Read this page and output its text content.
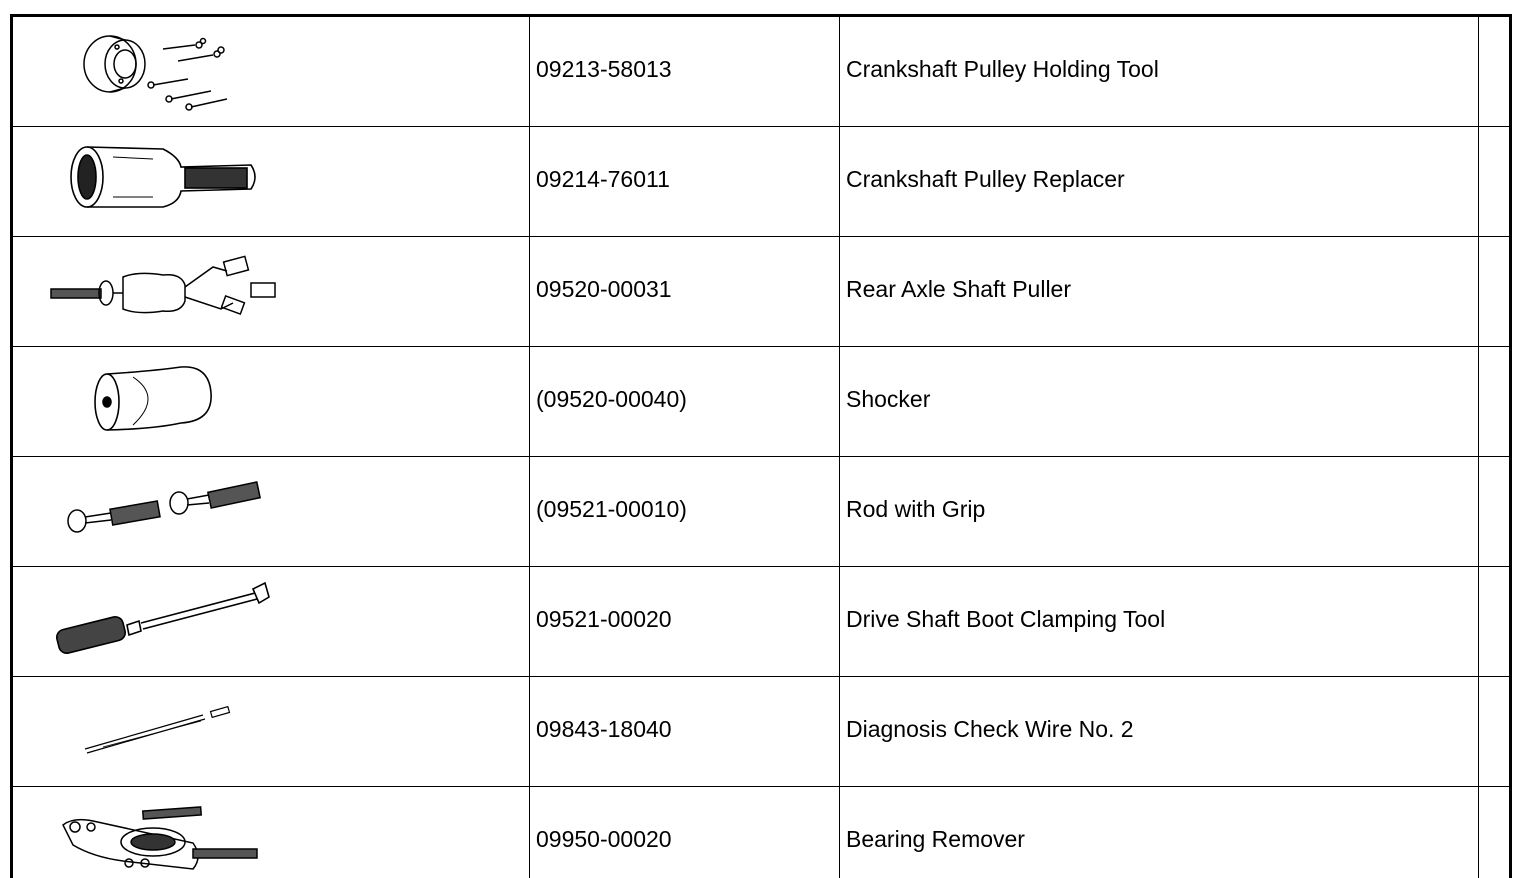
	09213-58013	Crankshaft Pulley Holding Tool	

	09214-76011	Crankshaft Pulley Replacer	

	09520-00031	Rear Axle Shaft Puller	

	(09520-00040)	Shocker	

	(09521-00010)	Rod with Grip	

	09521-00020	Drive Shaft Boot Clamping Tool	

	09843-18040	Diagnosis Check Wire No. 2	

	09950-00020	Bearing Remover	
